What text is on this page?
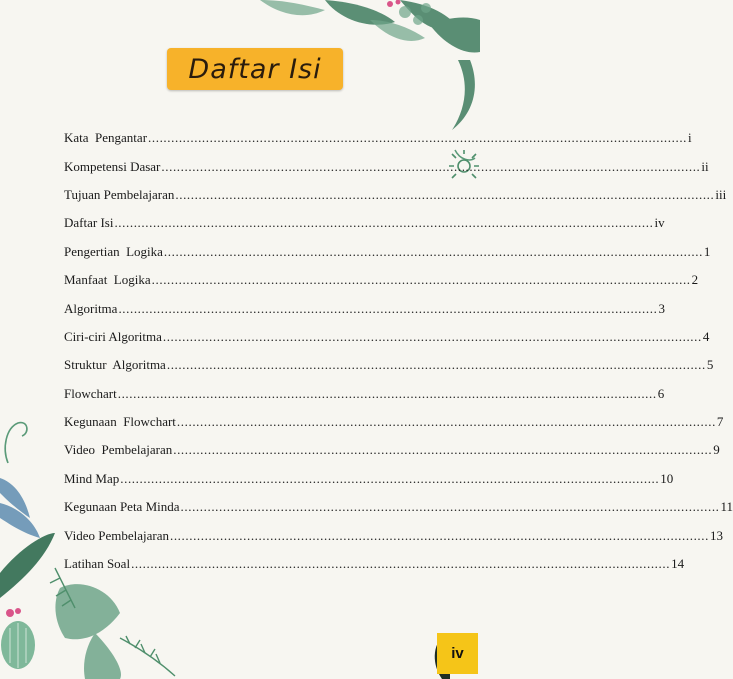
Daftar Isi
Kata  Pengantar ............................................................................................................................................ i
Kompetensi Dasar ............................................................................................................................................ ii
Tujuan Pembelajaran ............................................................................................................................................ iii
Daftar Isi ............................................................................................................................................ iv
Pengertian  Logika ............................................................................................................................................ 1
Manfaat  Logika ............................................................................................................................................ 2
Algoritma ............................................................................................................................................ 3
Ciri-ciri Algoritma ............................................................................................................................................ 4
Struktur  Algoritma ............................................................................................................................................ 5
Flowchart ............................................................................................................................................ 6
Kegunaan  Flowchart ............................................................................................................................................ 7
Video  Pembelajaran ............................................................................................................................................ 9
Mind Map ............................................................................................................................................ 10
Kegunaan Peta Minda ............................................................................................................................................ 11
Video Pembelajaran ............................................................................................................................................ 13
Latihan Soal ............................................................................................................................................ 14
iv
